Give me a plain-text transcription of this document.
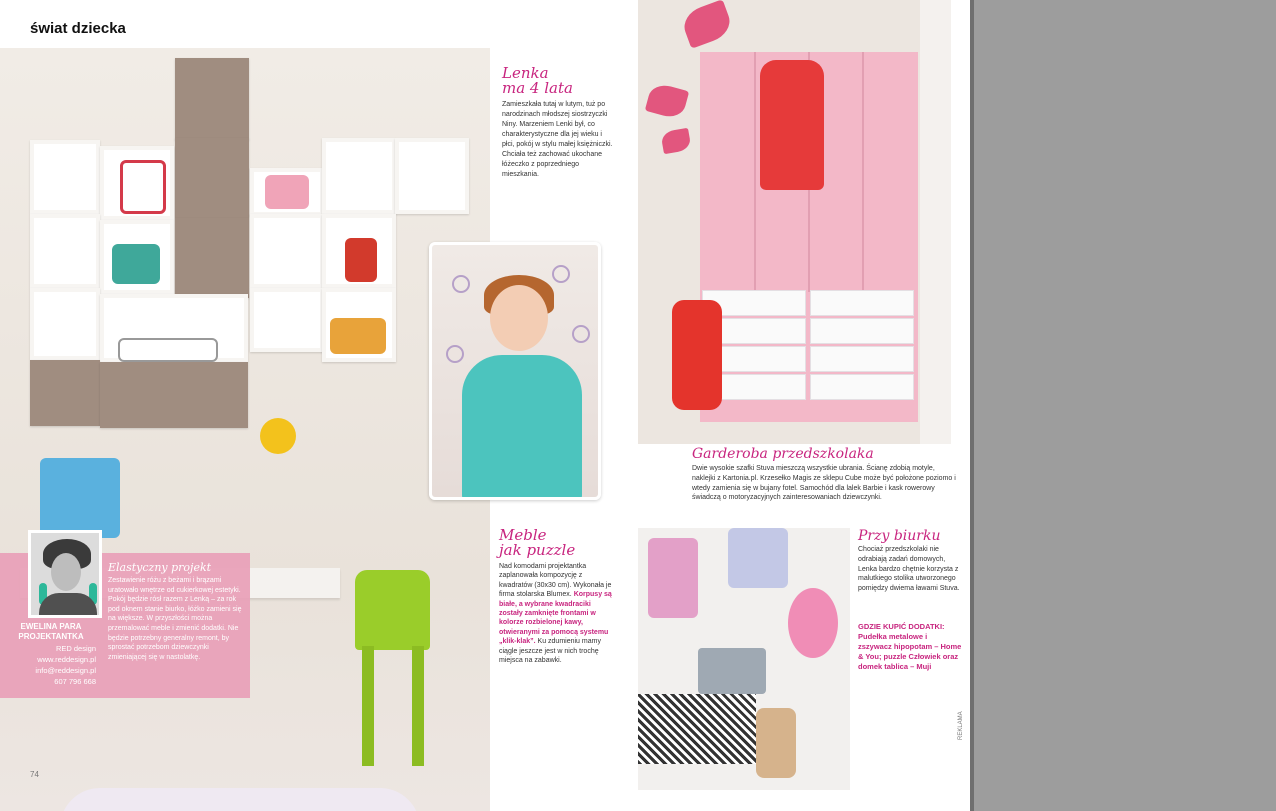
świat dziecka
Elastyczny projekt
Zestawienie różu z beżami i brązami uratowało wnętrze od cukierkowej estetyki. Pokój będzie rósł razem z Lenką – za rok pod oknem stanie biurko, łóżko zamieni się na większe. W przyszłości można przemalować meble i zmienić dodatki. Nie będzie potrzebny generalny remont, by sprostać potrzebom dziewczynki zmieniającej się w nastolatkę.
EWELINA PARA
PROJEKTANTKA
RED design
www.reddesign.pl
info@reddesign.pl
607 796 668
Lenka
ma 4 lata
Zamieszkała tutaj w lutym, tuż po narodzinach młodszej siostrzyczki Niny. Marzeniem Lenki był, co charakterystyczne dla jej wieku i płci, pokój w stylu małej księżniczki. Chciała też zachować ukochane łóżeczko z poprzedniego mieszkania.
Meble
jak puzzle
Nad komodami projektantka zaplanowała kompozycję z kwadratów (30x30 cm). Wykonała je firma stolarska Blumex. Korpusy są białe, a wybrane kwadraciki zostały zamknięte frontami w kolorze rozbielonej kawy, otwieranymi za pomocą systemu „klik-klak”. Ku zdumieniu mamy ciągle jeszcze jest w nich trochę miejsca na zabawki.
Garderoba przedszkolaka
Dwie wysokie szafki Stuva mieszczą wszystkie ubrania. Ścianę zdobią motyle, naklejki z Kartonia.pl. Krzesełko Magis ze sklepu Cube może być położone poziomo i wtedy zamienia się w bujany fotel. Samochód dla lalek Barbie i kask rowerowy świadczą o motoryzacyjnych zainteresowaniach dziewczynki.
Przy biurku
Chociaż przedszkolaki nie odrabiają zadań domowych, Lenka bardzo chętnie korzysta z malutkiego stolika utworzonego pomiędzy dwiema ławami Stuva.
GDZIE KUPIĆ DODATKI: Pudełka metalowe i zszywacz hipopotam – Home & You; puzzle Człowiek oraz domek tablica – Muji
74
REKLAMA
